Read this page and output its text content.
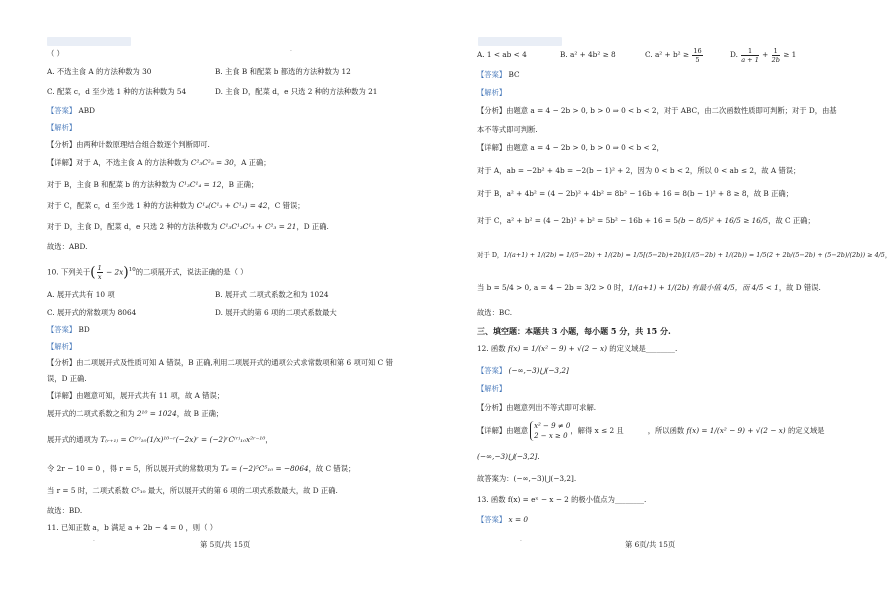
（ ）	·
A. 不选主食 A 的方法种数为 30	B. 主食 B 和配菜 b 都选的方法种数为 12
C. 配菜 c，d 至少选 1 种的方法种数为 54	D. 主食 D，配菜 d，e 只选 2 种的方法种数为 21
【答案】 ABD
【解析】
【分析】由两种计数原理结合组合数逐个判断即可.
【详解】对于 A，不选主食 A 的方法种数为 C²₃C²₅ = 30，A 正确；
对于 B，主食 B 和配菜 b 的方法种数为 C¹₃C¹₄ = 12，B 正确；
对于 C，配菜 c，d 至少选 1 种的方法种数为 C¹₄(C¹₃ + C¹₃) = 42，C 错误；
对于 D，主食 D，配菜 d，e 只选 2 种的方法种数为 C¹₃C¹₃C¹₃ + C²₃ = 21，D 正确.
故选：ABD.
10. 下列关于( $\frac{1}{x} - 2x)^{10}$的二项展开式，说法正确的是（ ）
A. 展开式共有 10 项	B. 展开式 二项式系数之和为 1024
C. 展开式的常数项为 8064	D. 展开式的第 6 项的二项式系数最大
【答案】 BD
【解析】
【分析】由二项展开式及性质可知 A 错误，B 正确,利用二项展开式的通项公式求常数项和第 6 项可知 C 错
误，D 正确.
【详解】由题意可知，展开式共有 11 项，故 A 错误；
展开式的二项式系数之和为 2¹⁰ = 1024，故 B 正确；
展开式的通项为 T₍ᵣ₊₁₎ = C⁽ʳ⁾₁₀(1/x)¹⁰⁻ʳ(−2x)ʳ = (−2)ʳC⁽ʳ⁾₁₀x²ʳ⁻¹⁰，
令 2r − 10 = 0 ，得 r = 5，所以展开式的常数项为 T₆ = (−2)⁵C⁵₁₀ = −8064，故 C 错误；
当 r = 5 时，二项式系数 C⁵₁₀ 最大，所以展开式的第 6 项的二项式系数最大，故 D 正确.
故选：BD.
11. 已知正数 a，b 满足 a + 2b − 4 = 0 ，则（ ）
·	第 5页/共 15页
A. 1 < ab < 4	B. a² + 4b² ≥ 8	C. $a^2 + b^2 \ge \frac{16}{5}$	D. $\frac{1}{a + 1} + \frac{1}{2b} \ge 1$
【答案】 BC
【解析】
【分析】由题意 a = 4 − 2b > 0, b > 0 ⇒ 0 < b < 2，对于 ABC，由二次函数性质即可判断；对于 D，由基
本不等式即可判断.
【详解】由题意 a = 4 − 2b > 0, b > 0 ⇒ 0 < b < 2，
对于 A，ab = −2b² + 4b = −2(b − 1)² + 2，因为 0 < b < 2，所以 0 < ab ≤ 2，故 A 错误；
对于 B，a² + 4b² = (4 − 2b)² + 4b² = 8b² − 16b + 16 = 8(b − 1)² + 8 ≥ 8，故 B 正确；
对于 C，a² + b² = (4 − 2b)² + b² = 5b² − 16b + 16 = 5(b − 8/5)² + 16/5 ≥ 16/5，故 C 正确；
对于 D，1/(a+1) + 1/(2b) = 1/(5−2b) + 1/(2b) = 1/5[(5−2b)+2b](1/(5−2b) + 1/(2b)) = 1/5(2 + 2b/(5−2b) + (5−2b)/(2b)) ≥ 4/5，
当 b = 5/4 > 0, a = 4 − 2b = 3/2 > 0 时，1/(a+1) + 1/(2b) 有最小值 4/5，而 4/5 < 1，故 D 错误.
故选：BC.
三、填空题：本题共 3 小题，每小题 5 分，共 15 分.
12. 函数 f(x) = 1/(x² − 9) + √(2 − x) 的定义域是________.
【答案】 (−∞,−3)⋃(−3,2]
【解析】
【分析】由题意列出不等式即可求解.
【详解】由题意 x² − 9 ≠ 0
2 − x ≥ 0
，解得 x ≤ 2 且	，所以函数 f(x) = 1/(x² − 9) + √(2 − x) 的定义域是
(−∞,−3)⋃(−3,2].
故答案为：(−∞,−3)⋃(−3,2].
13. 函数 f(x) = eˣ − x − 2 的极小值点为________.
【答案】 x = 0
·	第 6页/共 15页
